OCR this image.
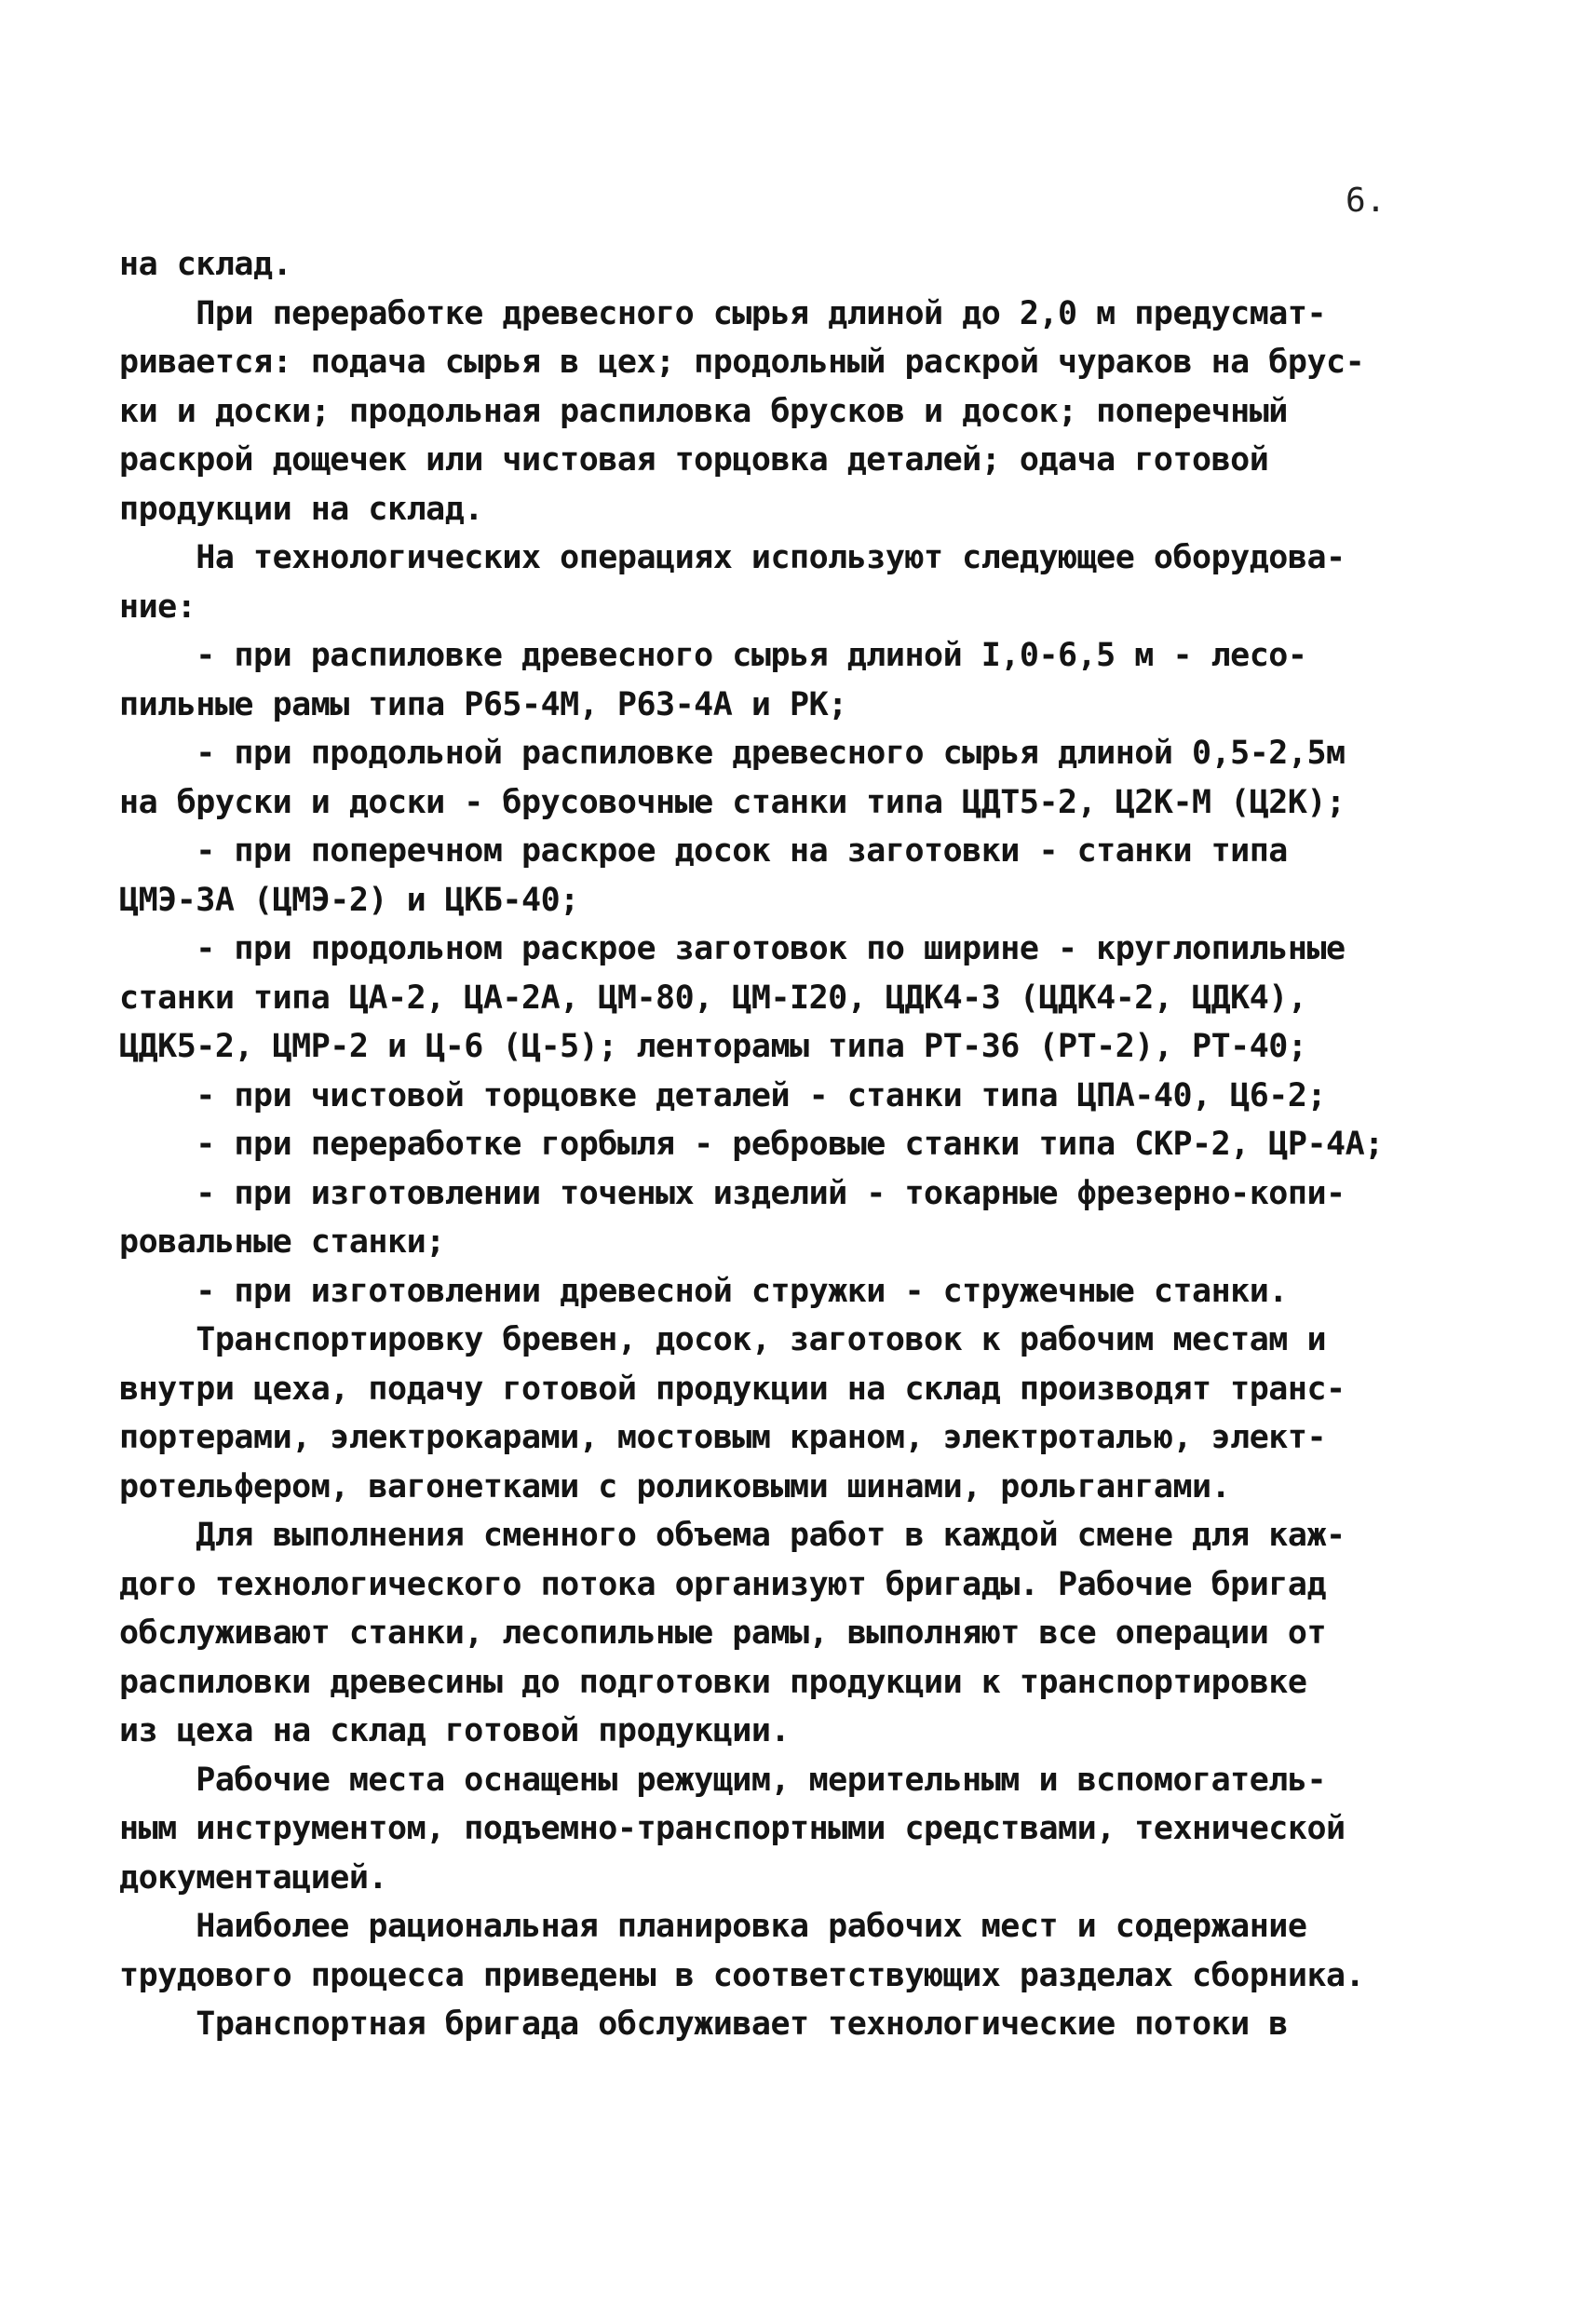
6.
на склад.
При переработке древесного сырья длиной до 2,0 м предусмат-
ривается: подача сырья в цех; продольный раскрой чураков на брус-
ки и доски; продольная распиловка брусков и досок; поперечный
раскрой дощечек или чистовая торцовка деталей; одача готовой
продукции на склад.
На технологических операциях используют следующее оборудова-
ние:
- при распиловке древесного сырья длиной I,0-6,5 м - лесо-
пильные рамы типа Р65-4М, Р63-4А и РК;
- при продольной распиловке древесного сырья длиной 0,5-2,5м
на бруски и доски - брусовочные станки типа ЦДТ5-2, Ц2К-М (Ц2К);
- при поперечном раскрое досок на заготовки - станки типа
ЦМЭ-3А (ЦМЭ-2) и ЦКБ-40;
- при продольном раскрое заготовок по ширине - круглопильные
станки типа ЦА-2, ЦА-2А, ЦМ-80, ЦМ-I20, ЦДК4-3 (ЦДК4-2, ЦДК4),
ЦДК5-2, ЦМР-2 и Ц-6 (Ц-5); ленторамы типа РТ-36 (РТ-2), РТ-40;
- при чистовой торцовке деталей - станки типа ЦПА-40, Ц6-2;
- при переработке горбыля - ребровые станки типа СКР-2, ЦР-4А;
- при изготовлении точеных изделий - токарные фрезерно-копи-
ровальные станки;
- при изготовлении древесной стружки - стружечные станки.
Транспортировку бревен, досок, заготовок к рабочим местам и
внутри цеха, подачу готовой продукции на склад производят транс-
портерами, электрокарами, мостовым краном, электроталью, элект-
ротельфером, вагонетками с роликовыми шинами, рольгангами.
Для выполнения сменного объема работ в каждой смене для каж-
дого технологического потока организуют бригады. Рабочие бригад
обслуживают станки, лесопильные рамы, выполняют все операции от
распиловки древесины до подготовки продукции к транспортировке
из цеха на склад готовой продукции.
Рабочие места оснащены режущим, мерительным и вспомогатель-
ным инструментом, подъемно-транспортными средствами, технической
документацией.
Наиболее рациональная планировка рабочих мест и содержание
трудового процесса приведены в соответствующих разделах сборника.
Транспортная бригада обслуживает технологические потоки в
